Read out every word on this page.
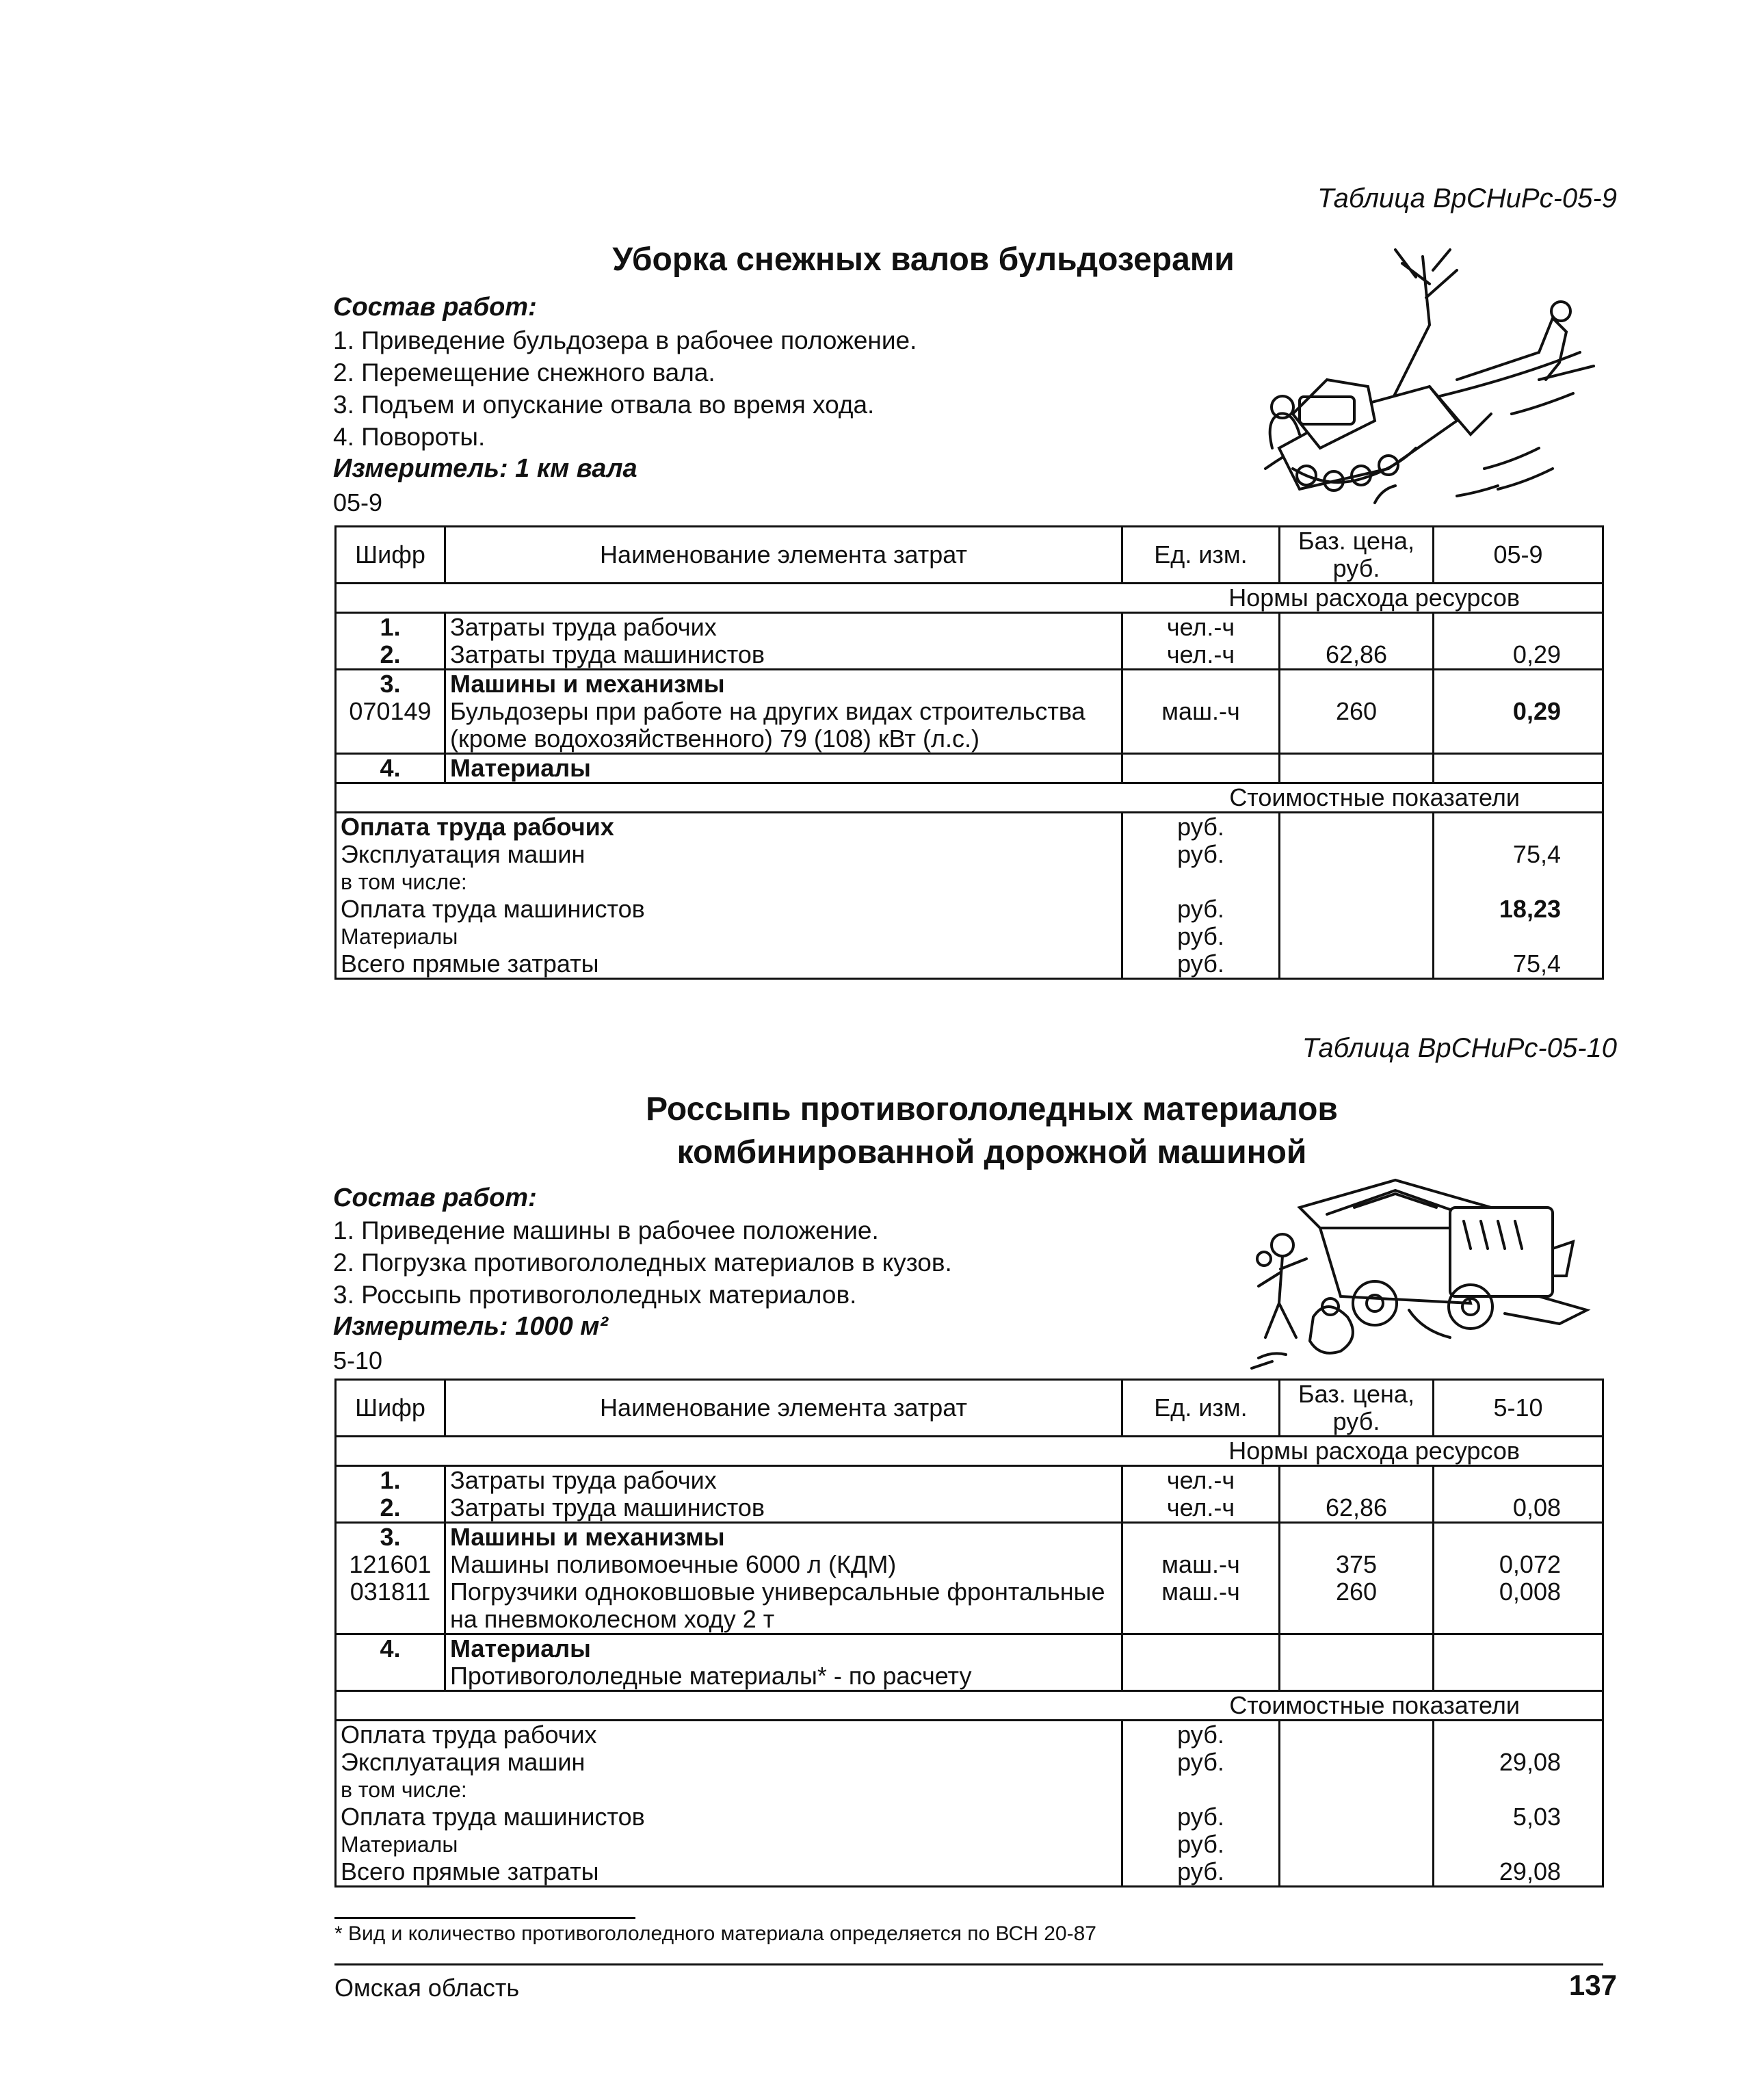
Таблица ВрСНиРс-05-9
Уборка снежных валов бульдозерами
Состав работ:
1. Приведение бульдозера в рабочее положение.
2. Перемещение снежного вала.
3. Подъем и опускание отвала во время хода.
4. Повороты.
Измеритель: 1 км вала
05-9
Шифр	Наименование элемента затрат	Ед. изм.	Баз. цена, руб.	05-9
Нормы расхода ресурсов				
1.	Затраты труда рабочих	чел.-ч		
2.	Затраты труда машинистов	чел.-ч	62,86	0,29
3.	Машины и механизмы			
070149	Бульдозеры при работе на других видах строительства (кроме водохозяйственного) 79 (108) кВт (л.с.)	маш.-ч	260	0,29
4.	Материалы			
Стоимостные показатели				
Оплата труда рабочих		руб.		
Эксплуатация машин		руб.		75,4
в том числе:				
Оплата труда машинистов		руб.		18,23
Материалы		руб.		
Всего прямые затраты		руб.		75,4
Таблица ВрСНиРс-05-10
Россыпь противогололедных материалов
комбинированной дорожной машиной
Состав работ:
1. Приведение машины в рабочее положение.
2. Погрузка противогололедных материалов в кузов.
3. Россыпь противогололедных материалов.
Измеритель: 1000 м²
5-10
Шифр	Наименование элемента затрат	Ед. изм.	Баз. цена, руб.	5-10
Нормы расхода ресурсов				
1.	Затраты труда рабочих	чел.-ч		
2.	Затраты труда машинистов	чел.-ч	62,86	0,08
3.	Машины и механизмы			
121601	Машины поливомоечные 6000 л (КДМ)	маш.-ч	375	0,072
031811	Погрузчики одноковшовые универсальные фронтальные на пневмоколесном ходу 2 т	маш.-ч	260	0,008
4.	Материалы			
	Противогололедные материалы* - по расчету			
Стоимостные показатели				
Оплата труда рабочих		руб.		
Эксплуатация машин		руб.		29,08
в том числе:				
Оплата труда машинистов		руб.		5,03
Материалы		руб.		
Всего прямые затраты		руб.		29,08
* Вид и количество противогололедного материала определяется по ВСН 20-87
Омская область	137
